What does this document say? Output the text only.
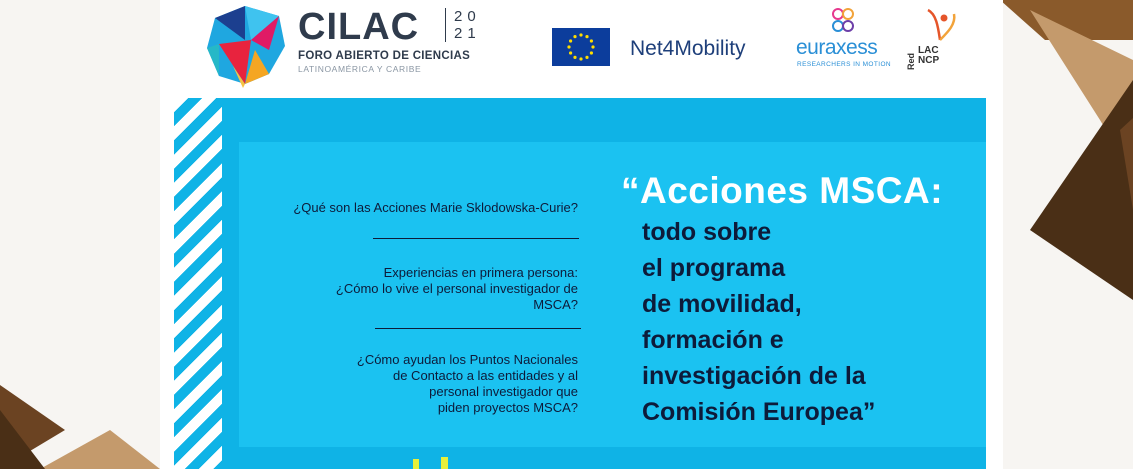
CILAC 20
21
FORO ABIERTO DE CIENCIAS
LATINOAMÉRICA Y CARIBE
Net4Mobility euraxess
RESEARCHERS IN MOTION Red
LAC
NCP
¿Qué son las Acciones Marie Sklodowska-Curie?
Experiencias en primera persona:
¿Cómo lo vive el personal investigador de
MSCA?
¿Cómo ayudan los Puntos Nacionales
de Contacto a las entidades y al
personal investigador que
piden proyectos MSCA?
“Acciones MSCA:
todo sobre
el programa
de movilidad,
formación e
investigación de la
Comisión Europea”
